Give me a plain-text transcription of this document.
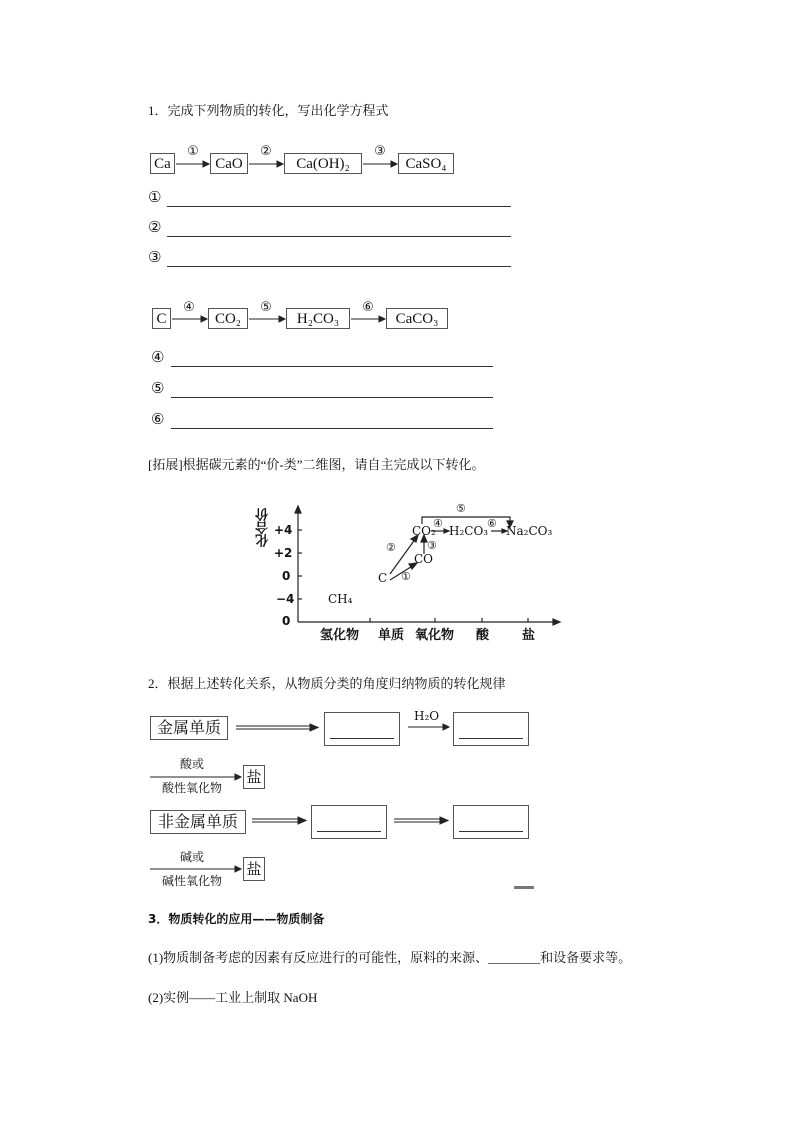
1．完成下列物质的转化，写出化学方程式
Ca
①
CaO
②
Ca(OH)₂
③
CaSO₄
①
②
③
C
④
CO₂
⑤
H₂CO₃
⑥
CaCO₃
④
⑤
⑥
[拓展]根据碳元素的“价-类”二维图，请自主完成以下转化。
化合价 +4
+2
0
−4
0
氢化物 单质 氧化物 酸	盐
CH₄
C
CO
CO₂ H₂CO₃ Na₂CO₃
①
②	③
④
⑤
⑥
2．根据上述转化关系，从物质分类的角度归纳物质的转化规律
金属单质
H₂O
酸或
酸性氧化物
盐
非金属单质
碱或
碱性氧化物
盐
3．物质转化的应用——物质制备
(1)物质制备考虑的因素有反应进行的可能性，原料的来源、________和设备要求等。
(2)实例——工业上制取 NaOH
